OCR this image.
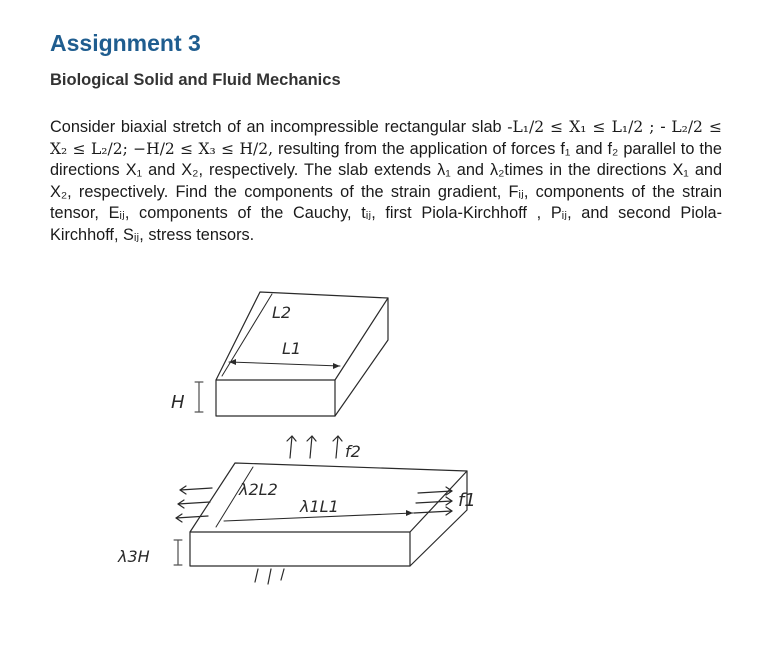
Assignment 3
Biological Solid and Fluid Mechanics
Consider biaxial stretch of an incompressible rectangular slab -L₁/2 ≤ X₁ ≤ L₁/2 ; - L₂/2 ≤ X₂ ≤ L₂/2; −H/2 ≤ X₃ ≤ H/2, resulting from the application of forces f₁ and f₂ parallel to the directions X₁ and X₂, respectively. The slab extends λ₁ and λ₂times in the directions X₁ and X₂, respectively. Find the components of the strain gradient, Fᵢⱼ, components of the strain tensor, Eᵢⱼ, components of the Cauchy, tᵢⱼ, first Piola-Kirchhoff , Pᵢⱼ, and second Piola-Kirchhoff, Sᵢⱼ, stress tensors.
L2
L1
H
f2
λ2L2
λ1L1	f1
λ3H
